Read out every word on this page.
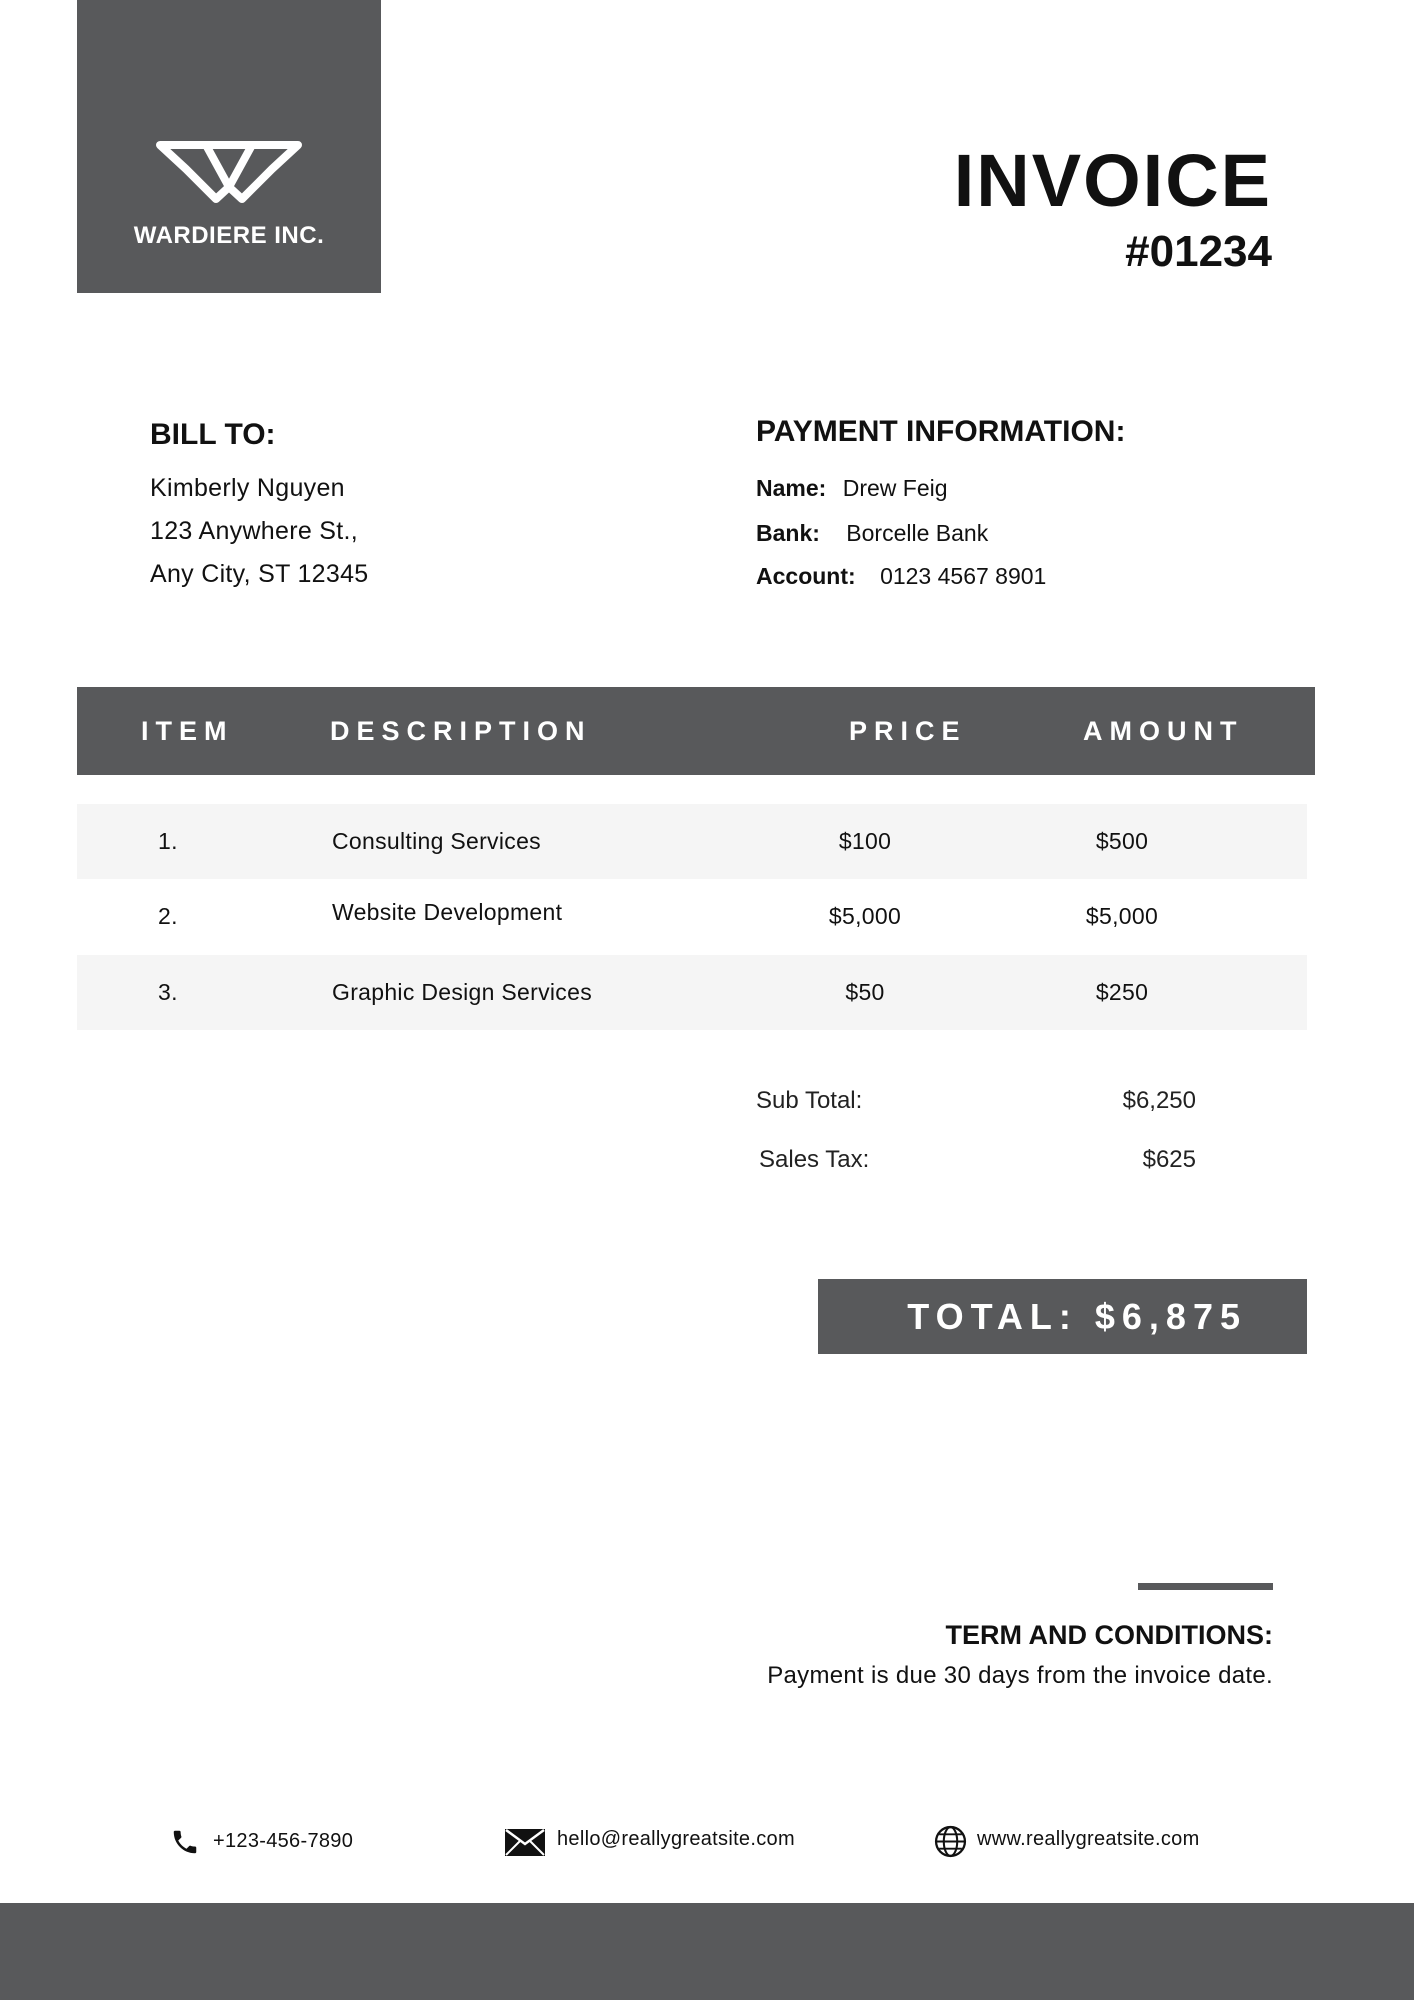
WARDIERE INC.
INVOICE
#01234
BILL TO:
Kimberly Nguyen
123 Anywhere St.,
Any City, ST 12345
PAYMENT INFORMATION:
Name: Drew Feig
Bank: Borcelle Bank
Account: 0123 4567 8901
ITEM	DESCRIPTION	PRICE	AMOUNT
1.	Consulting Services	$100	$500
2.	Website Development	$5,000	$5,000
3.	Graphic Design Services	$50	$250
Sub Total:	$6,250
Sales Tax:	$625
TOTAL: $6,875
TERM AND CONDITIONS:
Payment is due 30 days from the invoice date.
+123-456-7890	hello@reallygreatsite.com	www.reallygreatsite.com
